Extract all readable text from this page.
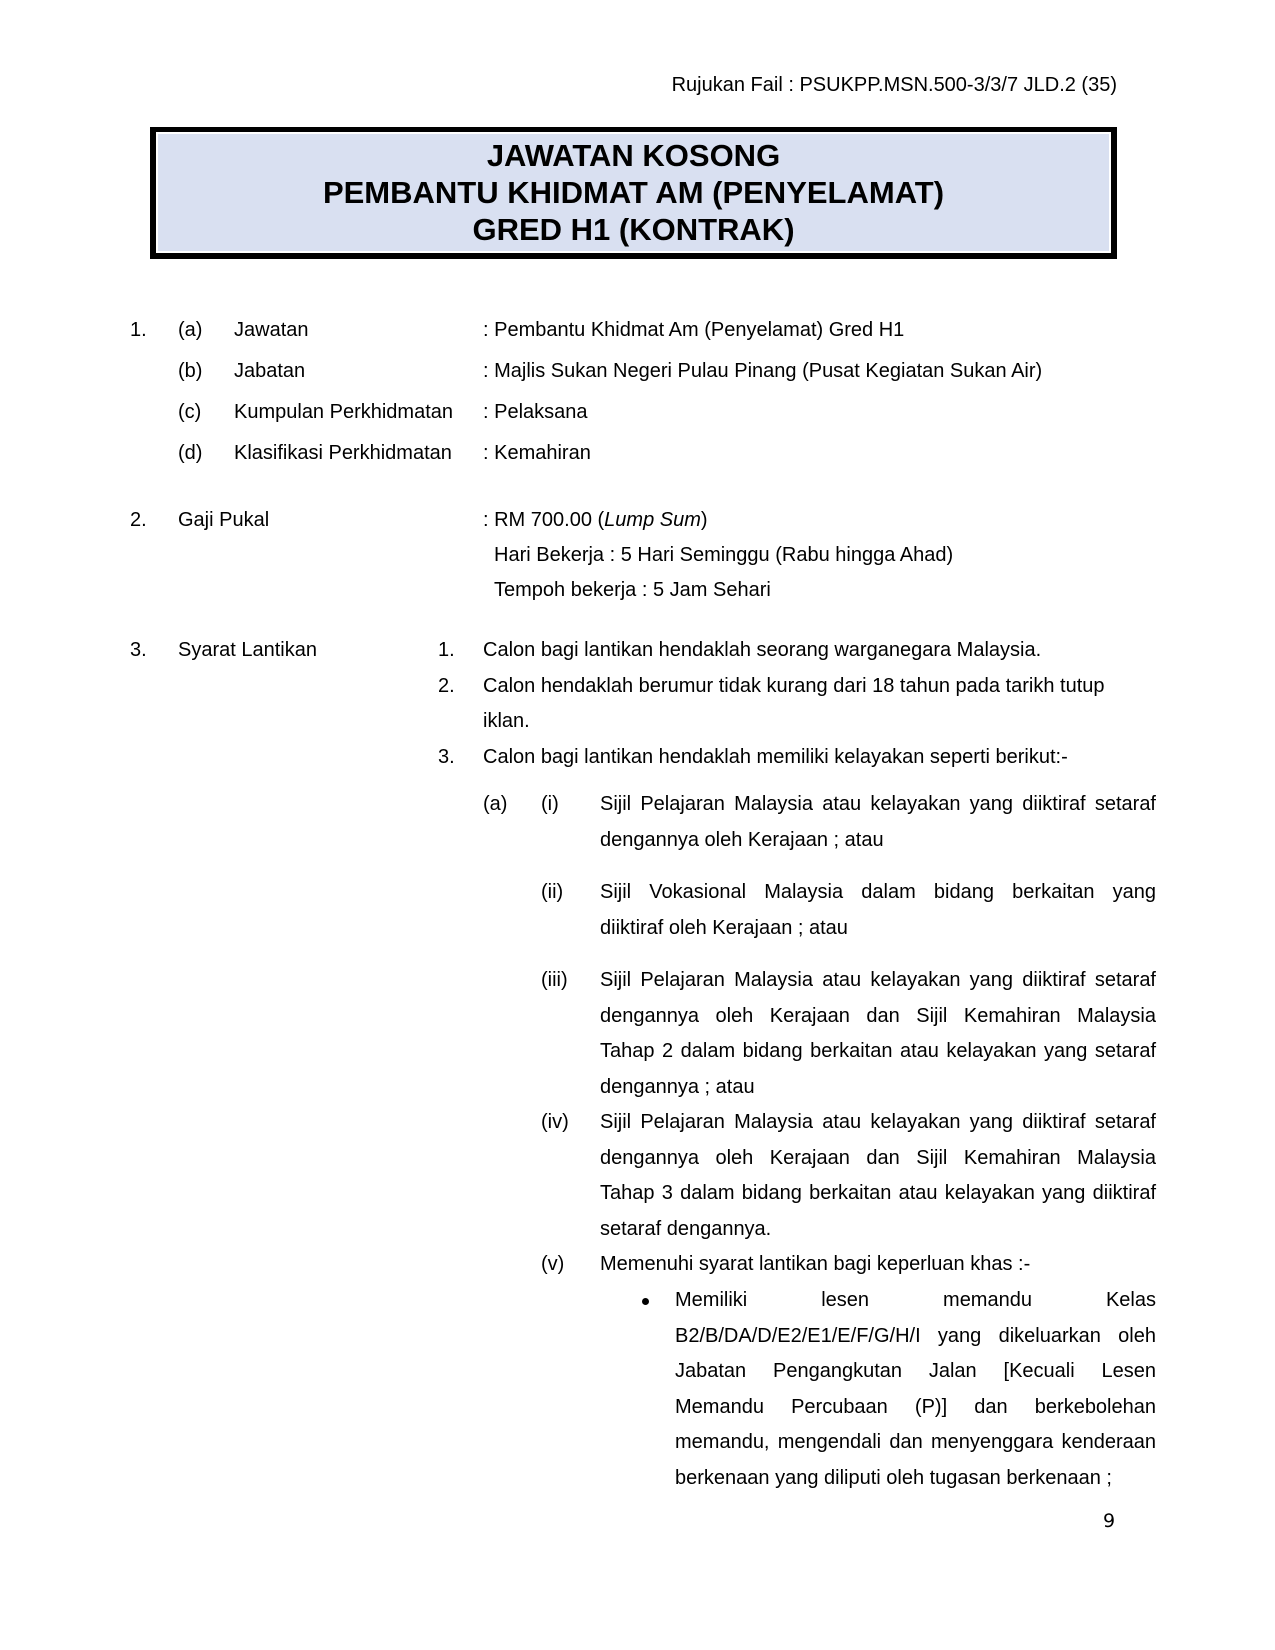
Rujukan Fail : PSUKPP.MSN.500-3/3/7 JLD.2 (35)
JAWATAN KOSONG
PEMBANTU KHIDMAT AM (PENYELAMAT)
GRED H1 (KONTRAK)
1. (a) Jawatan	: Pembantu Khidmat Am (Penyelamat) Gred H1
(b) Jabatan	: Majlis Sukan Negeri Pulau Pinang (Pusat Kegiatan Sukan Air)
(c) Kumpulan Perkhidmatan : Pelaksana
(d) Klasifikasi Perkhidmatan : Kemahiran
2. Gaji Pukal	: RM 700.00 (Lump Sum)
Hari Bekerja : 5 Hari Seminggu (Rabu hingga Ahad)
Tempoh bekerja : 5 Jam Sehari
3. Syarat Lantikan	1. Calon bagi lantikan hendaklah seorang warganegara Malaysia.
2. Calon hendaklah berumur tidak kurang dari 18 tahun pada tarikh tutup
iklan.
3. Calon bagi lantikan hendaklah memiliki kelayakan seperti berikut:-
(a) (i) Sijil Pelajaran Malaysia atau kelayakan yang diiktiraf setaraf
dengannya oleh Kerajaan ; atau
(ii) Sijil Vokasional Malaysia dalam bidang berkaitan yang
diiktiraf oleh Kerajaan ; atau
(iii) Sijil Pelajaran Malaysia atau kelayakan yang diiktiraf setaraf
dengannya oleh Kerajaan dan Sijil Kemahiran Malaysia
Tahap 2 dalam bidang berkaitan atau kelayakan yang setaraf
dengannya ; atau
(iv) Sijil Pelajaran Malaysia atau kelayakan yang diiktiraf setaraf
dengannya oleh Kerajaan dan Sijil Kemahiran Malaysia
Tahap 3 dalam bidang berkaitan atau kelayakan yang diiktiraf
setaraf dengannya.
(v) Memenuhi syarat lantikan bagi keperluan khas :-
Memiliki lesen memandu Kelas
B2/B/DA/D/E2/E1/E/F/G/H/I yang dikeluarkan oleh
Jabatan Pengangkutan Jalan [Kecuali Lesen
Memandu Percubaan (P)] dan berkebolehan
memandu, mengendali dan menyenggara kenderaan
berkenaan yang diliputi oleh tugasan berkenaan ;
9
